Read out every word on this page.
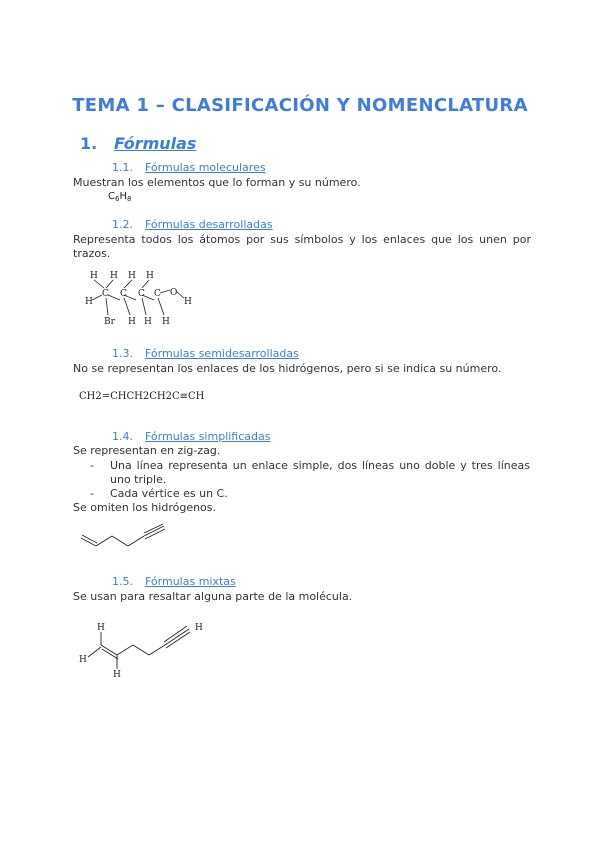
TEMA 1 – CLASIFICACIÓN Y NOMENCLATURA
1. Fórmulas
1.1. Fórmulas moleculares
Muestran los elementos que lo forman y su número.
$C_6H_8$
1.2. Fórmulas desarrolladas
Representa todos los átomos por sus símbolos y los enlaces que los unen por trazos.
H H H H
C C C C O
H
H
Br H H H
1.3. Fórmulas semidesarrolladas
No se representan los enlaces de los hidrógenos, pero si se indica su número.
CH2=CHCH2CH2C≡CH
1.4. Fórmulas simplificadas
Se representan en zig-zag.
- Una línea representa un enlace simple, dos líneas uno doble y tres líneas uno triple.
- Cada vértice es un C.
Se omiten los hidrógenos.
1.5. Fórmulas mixtas
Se usan para resaltar alguna parte de la molécula.
H
H
H
H
